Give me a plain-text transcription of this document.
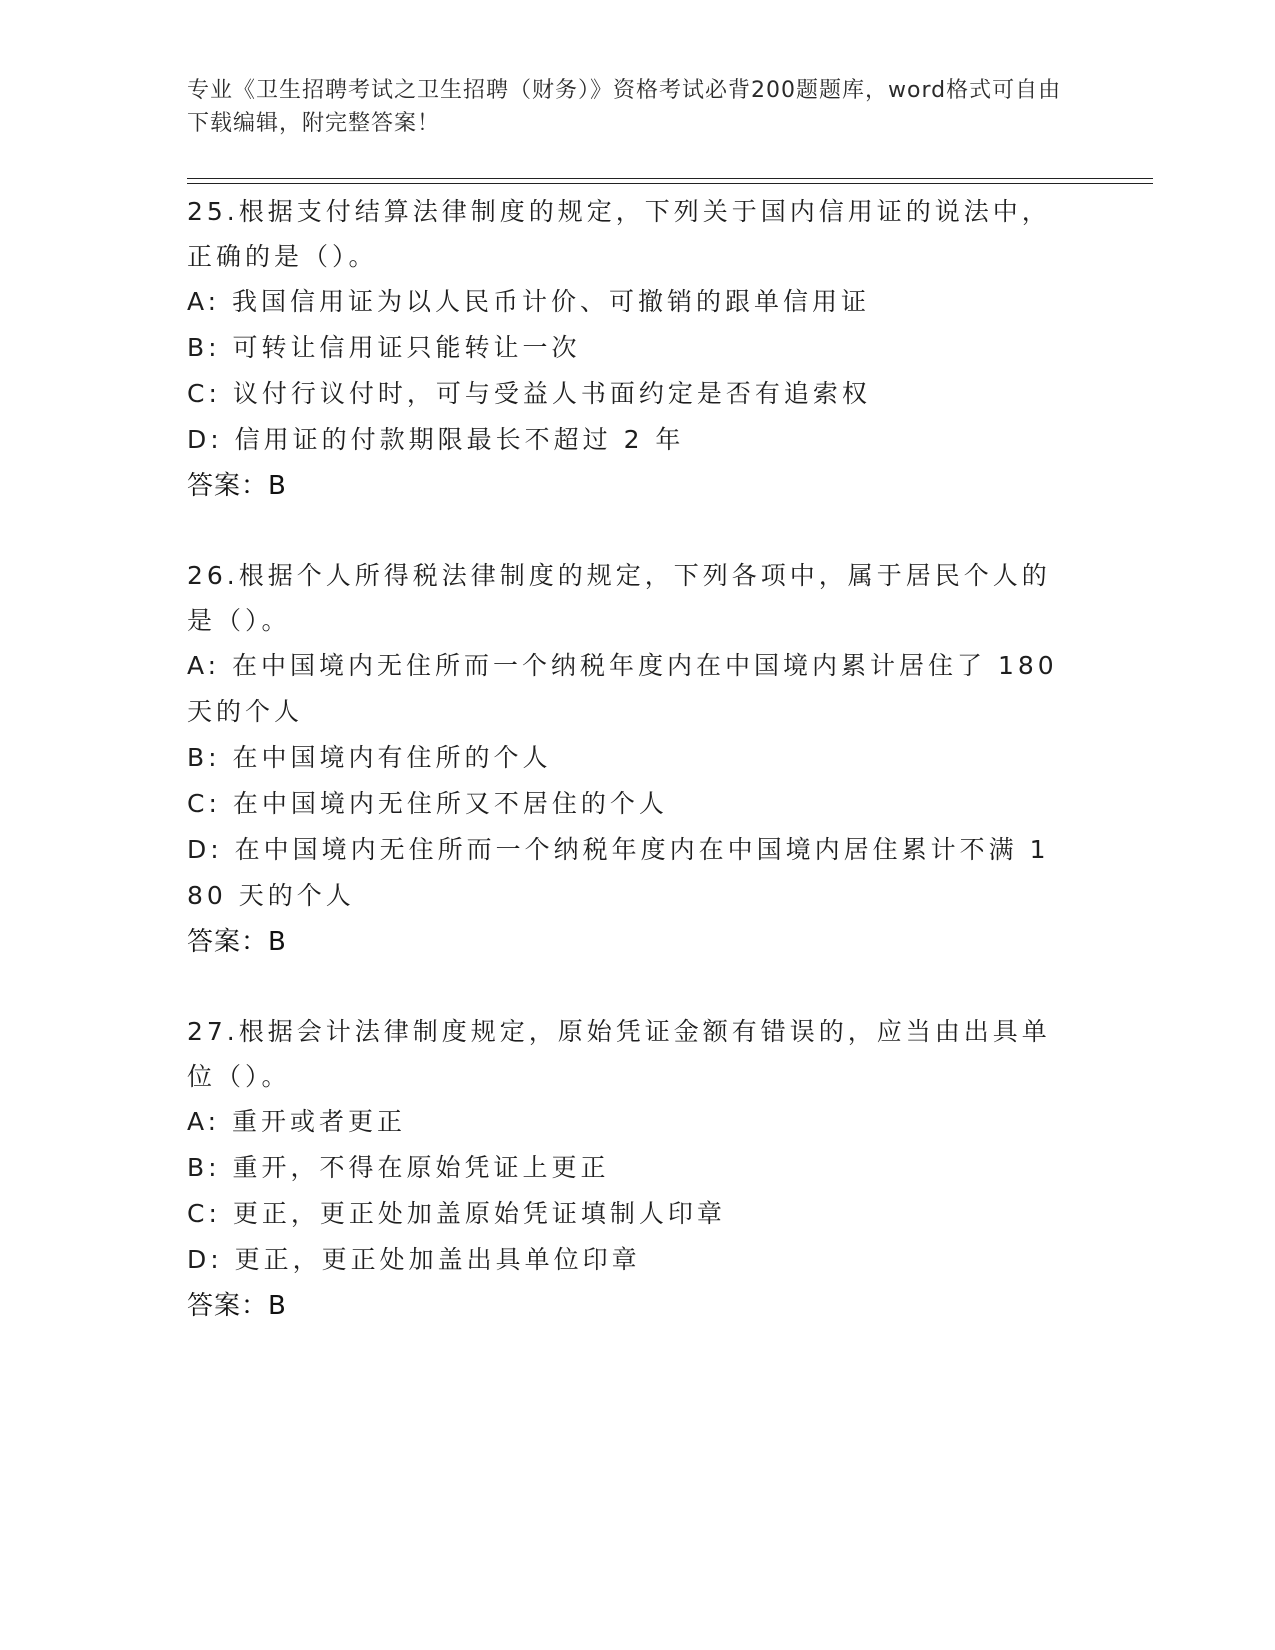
专业《卫生招聘考试之卫生招聘（财务）》资格考试必背200题题库，word格式可自由下载编辑，附完整答案！
25.根据支付结算法律制度的规定，下列关于国内信用证的说法中，正确的是（）。
A: 我国信用证为以人民币计价、可撤销的跟单信用证
B: 可转让信用证只能转让一次
C: 议付行议付时，可与受益人书面约定是否有追索权
D: 信用证的付款期限最长不超过 2 年
答案：B
26.根据个人所得税法律制度的规定，下列各项中，属于居民个人的是（）。
A: 在中国境内无住所而一个纳税年度内在中国境内累计居住了 180 天的个人
B: 在中国境内有住所的个人
C: 在中国境内无住所又不居住的个人
D: 在中国境内无住所而一个纳税年度内在中国境内居住累计不满 180 天的个人
答案：B
27.根据会计法律制度规定，原始凭证金额有错误的，应当由出具单位（）。
A: 重开或者更正
B: 重开，不得在原始凭证上更正
C: 更正，更正处加盖原始凭证填制人印章
D: 更正，更正处加盖出具单位印章
答案：B
